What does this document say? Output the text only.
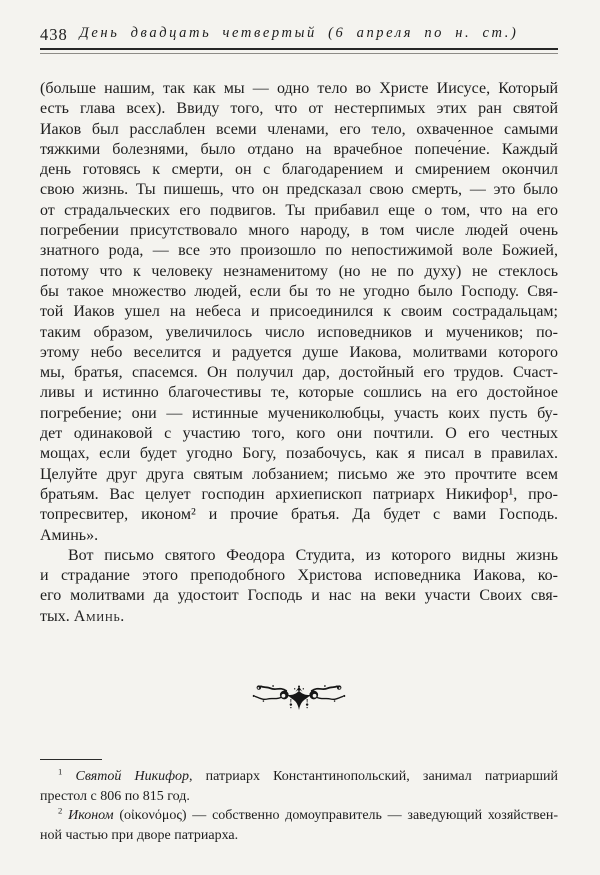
438 День двадцать четвертый (6 апреля по н. ст.)
(больше нашим, так как мы — одно тело во Христе Иисусе, Который
есть глава всех). Ввиду того, что от нестерпимых этих ран святой
Иаков был расслаблен всеми членами, его тело, охваченное самыми
тяжкими болезнями, было отдано на врачебное попече́ние. Каждый
день готовясь к смерти, он с благодарением и смирением окончил
свою жизнь. Ты пишешь, что он предсказал свою смерть, — это было
от страдальческих его подвигов. Ты прибавил еще о том, что на его
погребении присутствовало много народу, в том числе людей очень
знатного рода, — все это произошло по непостижимой воле Божией,
потому что к человеку незнаменитому (но не по духу) не стеклось
бы такое множество людей, если бы то не угодно было Господу. Свя-
той Иаков ушел на небеса и присоединился к своим сострадальцам;
таким образом, увеличилось число исповедников и мучеников; по-
этому небо веселится и радуется душе Иакова, молитвами которого
мы, братья, спасемся. Он получил дар, достойный его трудов. Счаст-
ливы и истинно благочестивы те, которые сошлись на его достойное
погребение; они — истинные мучениколюбцы, участь коих пусть бу-
дет одинаковой с участию того, кого они почтили. О его честных
мощах, если будет угодно Богу, позабочусь, как я писал в правилах.
Целуйте друг друга святым лобзанием; письмо же это прочтите всем
братьям. Вас целует господин архиепископ патриарх Никифор¹, про-
топресвитер, иконом² и прочие братья. Да будет с вами Господь.
Аминь».
Вот письмо святого Феодора Студита, из которого видны жизнь
и страдание этого преподобного Христова исповедника Иакова, ко-
его молитвами да удостоит Господь и нас на веки участи Своих свя-
тых. Аминь.
$^1$ Святой Никифор, патриарх Константинопольский, занимал патриарший
престол с 806 по 815 год.
$^2$ Иконом (οἰκονόμος) — собственно домоуправитель — заведующий хозяйствен-
ной частью при дворе патриарха.
